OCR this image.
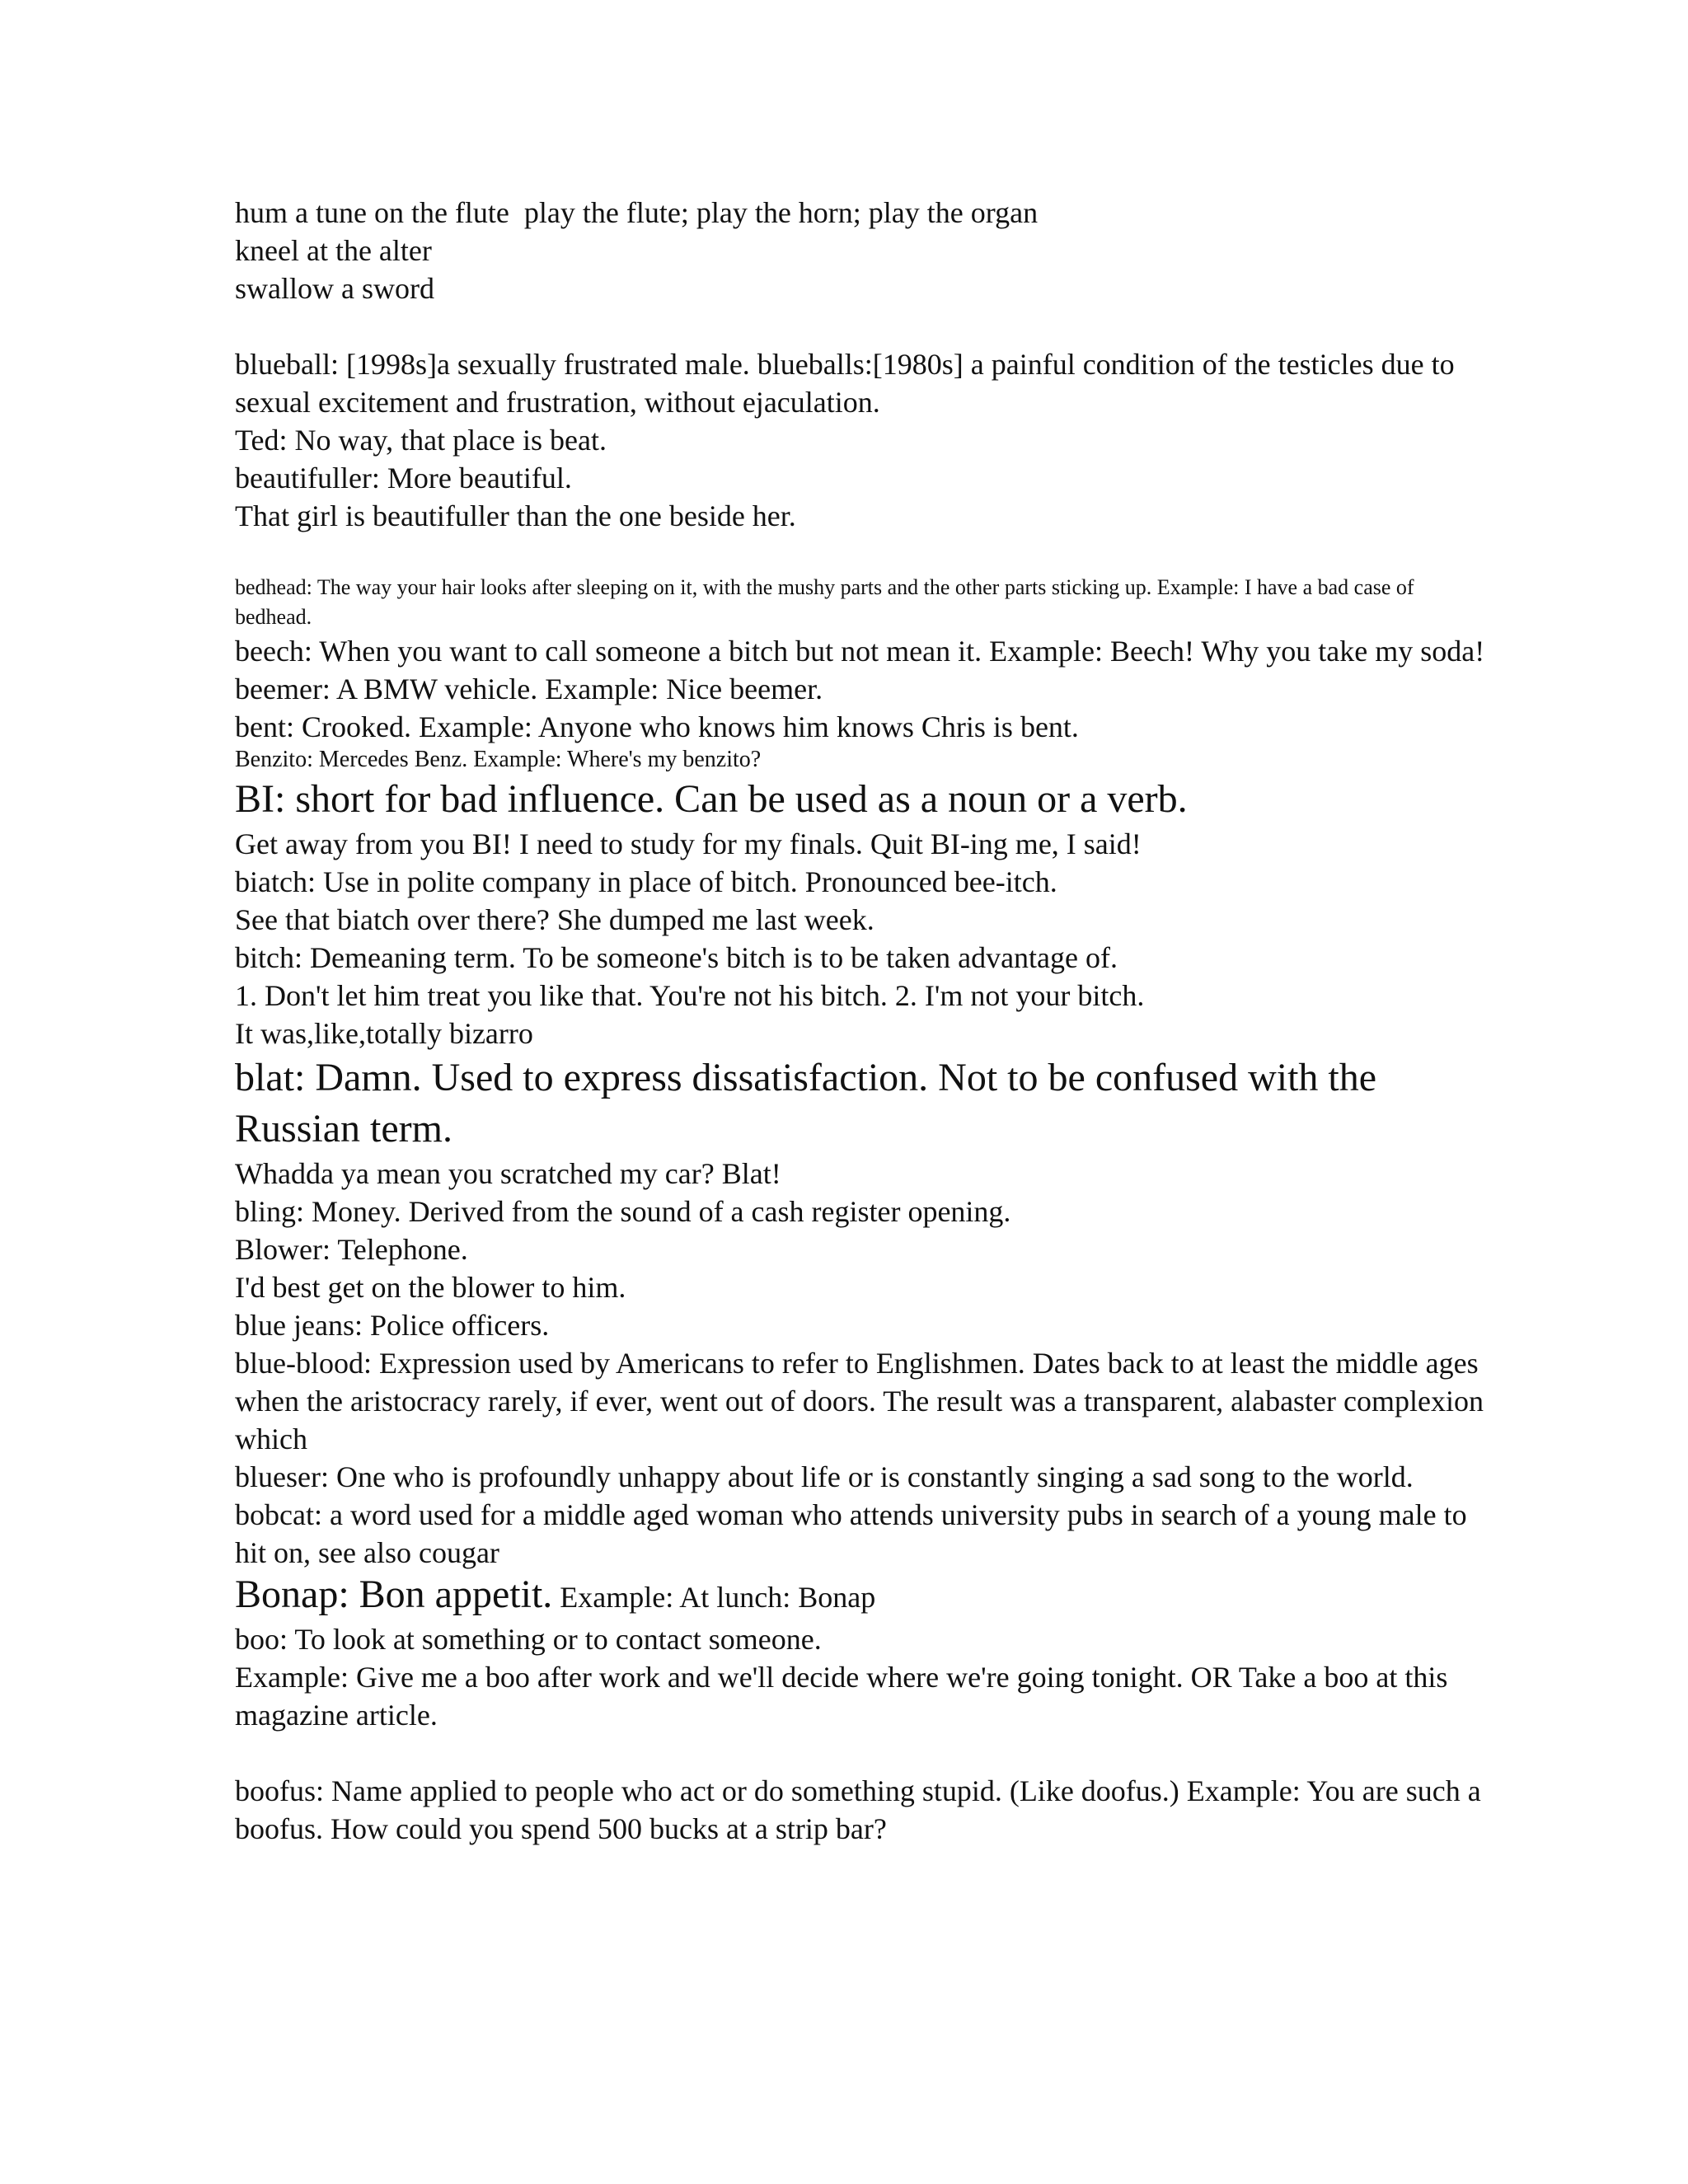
hum a tune on the flute  play the flute; play the horn; play the organ

kneel at the alter

swallow a sword

blueball: [1998s]a sexually frustrated male. blueballs:[1980s] a painful condition of the testicles due to sexual excitement and frustration, without ejaculation.

Ted: No way, that place is beat.

beautifuller: More beautiful.

That girl is beautifuller than the one beside her.

bedhead: The way your hair looks after sleeping on it, with the mushy parts and the other parts sticking up. Example: I have a bad case of bedhead.

beech: When you want to call someone a bitch but not mean it. Example: Beech! Why you take my soda!

beemer: A BMW vehicle. Example: Nice beemer.

bent: Crooked. Example: Anyone who knows him knows Chris is bent.

Benzito: Mercedes Benz. Example: Where's my benzito?

BI: short for bad influence. Can be used as a noun or a verb.

Get away from you BI! I need to study for my finals. Quit BI-ing me, I said!

biatch: Use in polite company in place of bitch. Pronounced bee-itch.

See that biatch over there? She dumped me last week.

bitch: Demeaning term. To be someone's bitch is to be taken advantage of.

1. Don't let him treat you like that. You're not his bitch. 2. I'm not your bitch.

It was,like,totally bizarro

blat: Damn. Used to express dissatisfaction. Not to be confused with the Russian term.

Whadda ya mean you scratched my car? Blat!

bling: Money. Derived from the sound of a cash register opening.

Blower: Telephone.

I'd best get on the blower to him.

blue jeans: Police officers.

blue-blood: Expression used by Americans to refer to Englishmen. Dates back to at least the middle ages when the aristocracy rarely, if ever, went out of doors. The result was a transparent, alabaster complexion which

blueser: One who is profoundly unhappy about life or is constantly singing a sad song to the world.

bobcat: a word used for a middle aged woman who attends university pubs in search of a young male to hit on, see also cougar

Bonap: Bon appetit. Example: At lunch: Bonap

boo: To look at something or to contact someone.

Example: Give me a boo after work and we'll decide where we're going tonight. OR Take a boo at this magazine article.

boofus: Name applied to people who act or do something stupid. (Like doofus.) Example: You are such a boofus. How could you spend 500 bucks at a strip bar?
